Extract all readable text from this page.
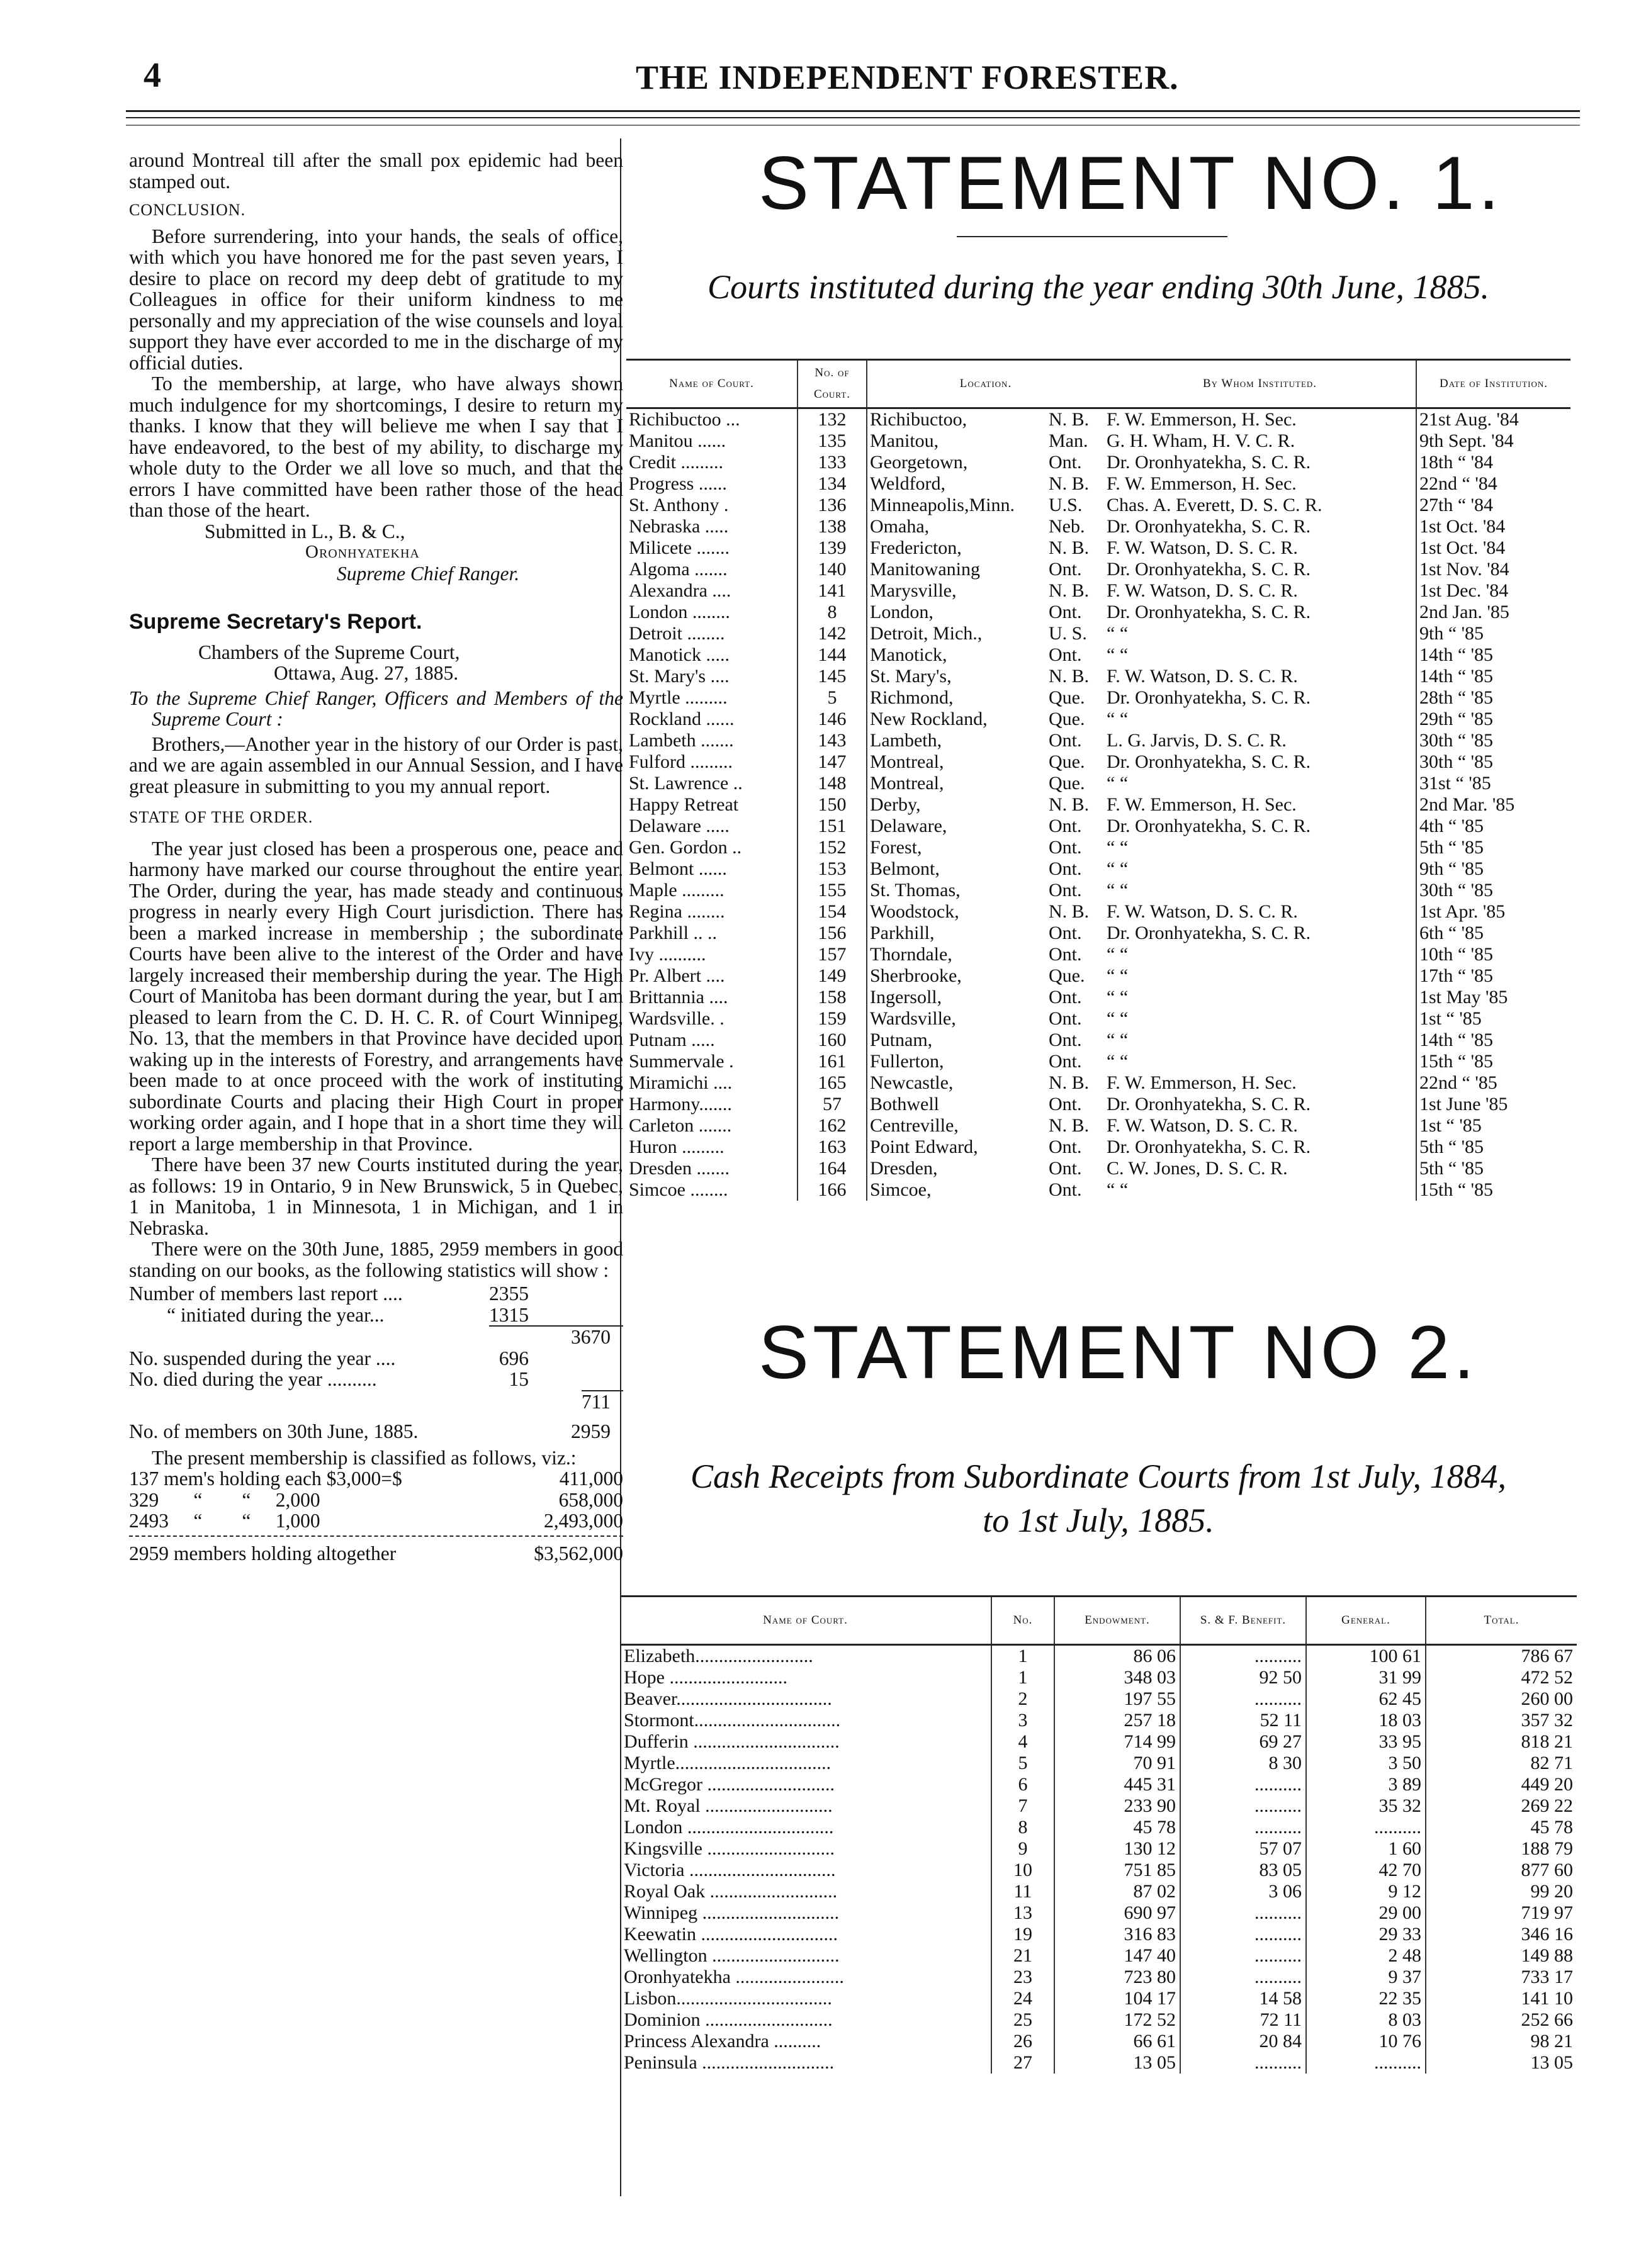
4	THE INDEPENDENT FORESTER.

around Montreal till after the small pox epidemic had been stamped out.

CONCLUSION.

Before surrendering, into your hands, the seals of office, with which you have honored me for the past seven years, I desire to place on record my deep debt of gratitude to my Colleagues in office for their uniform kindness to me personally and my appreciation of the wise counsels and loyal support they have ever accorded to me in the discharge of my official duties.

To the membership, at large, who have always shown much indulgence for my shortcomings, I desire to return my thanks. I know that they will believe me when I say that I have endeavored, to the best of my ability, to discharge my whole duty to the Order we all love so much, and that the errors I have committed have been rather those of the head than those of the heart.

Submitted in L., B. & C.,

Oronhyatekha

Supreme Chief Ranger.

Supreme Secretary's Report.

Chambers of the Supreme Court,

Ottawa, Aug. 27, 1885.

To the Supreme Chief Ranger, Officers and Members of the Supreme Court :

Brothers,—Another year in the history of our Order is past, and we are again assembled in our Annual Session, and I have great pleasure in submitting to you my annual report.

STATE OF THE ORDER.

The year just closed has been a prosperous one, peace and harmony have marked our course throughout the entire year. The Order, during the year, has made steady and continuous progress in nearly every High Court jurisdiction. There has been a marked increase in membership ; the subordinate Courts have been alive to the interest of the Order and have largely increased their membership during the year. The High Court of Manitoba has been dormant during the year, but I am pleased to learn from the C. D. H. C. R. of Court Winnipeg, No. 13, that the members in that Province have decided upon waking up in the interests of Forestry, and arrangements have been made to at once proceed with the work of instituting subordinate Courts and placing their High Court in proper working order again, and I hope that in a short time they will report a large membership in that Province.

There have been 37 new Courts instituted during the year, as follows: 19 in Ontario, 9 in New Brunswick, 5 in Quebec, 1 in Manitoba, 1 in Minnesota, 1 in Michigan, and 1 in Nebraska.

There were on the 30th June, 1885, 2959 members in good standing on our books, as the following statistics will show :

Number of members last report ....	2355
“ initiated during the year...	1315
3670
No. suspended during the year ....	696
No. died during the year ..........	15
711
No. of members on 30th June, 1885.	2959

The present membership is classified as follows, viz.:

137 mem's holding each $3,000=$	411,000
329       “        “     2,000	658,000
2493     “        “     1,000	2,493,000
2959 members holding altogether	$3,562,000
STATEMENT NO. 1.
Courts instituted during the year ending 30th June, 1885.
Name of Court.	No. of Court.	Location.		By Whom Instituted.	Date of Institution.
Richibuctoo ...	132	Richibuctoo,	N. B.	F. W. Emmerson, H. Sec.	21st Aug. '84
Manitou ......	135	Manitou,	Man.	G. H. Wham, H. V. C. R.	9th Sept. '84
Credit .........	133	Georgetown,	Ont.	Dr. Oronhyatekha, S. C. R.	18th “ '84
Progress ......	134	Weldford,	N. B.	F. W. Emmerson, H. Sec.	22nd “ '84
St. Anthony .	136	Minneapolis,Minn.	U.S.	Chas. A. Everett, D. S. C. R.	27th “ '84
Nebraska .....	138	Omaha,	Neb.	Dr. Oronhyatekha, S. C. R.	1st Oct. '84
Milicete .......	139	Fredericton,	N. B.	F. W. Watson, D. S. C. R.	1st Oct. '84
Algoma .......	140	Manitowaning	Ont.	Dr. Oronhyatekha, S. C. R.	1st Nov. '84
Alexandra ....	141	Marysville,	N. B.	F. W. Watson, D. S. C. R.	1st Dec. '84
London ........	8	London,	Ont.	Dr. Oronhyatekha, S. C. R.	2nd Jan. '85
Detroit ........	142	Detroit, Mich.,	U. S.	“ “	9th “ '85
Manotick .....	144	Manotick,	Ont.	“ “	14th “ '85
St. Mary's ....	145	St. Mary's,	N. B.	F. W. Watson, D. S. C. R.	14th “ '85
Myrtle .........	5	Richmond,	Que.	Dr. Oronhyatekha, S. C. R.	28th “ '85
Rockland ......	146	New Rockland,	Que.	“ “	29th “ '85
Lambeth .......	143	Lambeth,	Ont.	L. G. Jarvis, D. S. C. R.	30th “ '85
Fulford .........	147	Montreal,	Que.	Dr. Oronhyatekha, S. C. R.	30th “ '85
St. Lawrence ..	148	Montreal,	Que.	“ “	31st “ '85
Happy Retreat	150	Derby,	N. B.	F. W. Emmerson, H. Sec.	2nd Mar. '85
Delaware .....	151	Delaware,	Ont.	Dr. Oronhyatekha, S. C. R.	4th “ '85
Gen. Gordon ..	152	Forest,	Ont.	“ “	5th “ '85
Belmont ......	153	Belmont,	Ont.	“ “	9th “ '85
Maple .........	155	St. Thomas,	Ont.	“ “	30th “ '85
Regina ........	154	Woodstock,	N. B.	F. W. Watson, D. S. C. R.	1st Apr. '85
Parkhill .. ..	156	Parkhill,	Ont.	Dr. Oronhyatekha, S. C. R.	6th “ '85
Ivy ..........	157	Thorndale,	Ont.	“ “	10th “ '85
Pr. Albert ....	149	Sherbrooke,	Que.	“ “	17th “ '85
Brittannia ....	158	Ingersoll,	Ont.	“ “	1st May '85
Wardsville. .	159	Wardsville,	Ont.	“ “	1st “ '85
Putnam .....	160	Putnam,	Ont.	“ “	14th “ '85
Summervale .	161	Fullerton,	Ont.	“ “	15th “ '85
Miramichi ....	165	Newcastle,	N. B.	F. W. Emmerson, H. Sec.	22nd “ '85
Harmony.......	57	Bothwell	Ont.	Dr. Oronhyatekha, S. C. R.	1st June '85
Carleton .......	162	Centreville,	N. B.	F. W. Watson, D. S. C. R.	1st “ '85
Huron .........	163	Point Edward,	Ont.	Dr. Oronhyatekha, S. C. R.	5th “ '85
Dresden .......	164	Dresden,	Ont.	C. W. Jones, D. S. C. R.	5th “ '85
Simcoe ........	166	Simcoe,	Ont.	“ “	15th “ '85
STATEMENT NO 2.
Cash Receipts from Subordinate Courts from 1st July, 1884,
to 1st July, 1885.
Name of Court.	No.	Endowment.	S. & F. Benefit.	General.	Total.
Elizabeth.........................	1	86 06	..........	100 61	786 67
Hope .........................	1	348 03	92 50	31 99	472 52
Beaver.................................	2	197 55	..........	62 45	260 00
Stormont...............................	3	257 18	52 11	18 03	357 32
Dufferin ...............................	4	714 99	69 27	33 95	818 21
Myrtle.................................	5	70 91	8 30	3 50	82 71
McGregor ...........................	6	445 31	..........	3 89	449 20
Mt. Royal ...........................	7	233 90	..........	35 32	269 22
London ...............................	8	45 78	..........	..........	45 78
Kingsville ...........................	9	130 12	57 07	1 60	188 79
Victoria ...............................	10	751 85	83 05	42 70	877 60
Royal Oak ...........................	11	87 02	3 06	9 12	99 20
Winnipeg .............................	13	690 97	..........	29 00	719 97
Keewatin .............................	19	316 83	..........	29 33	346 16
Wellington ...........................	21	147 40	..........	2 48	149 88
Oronhyatekha .......................	23	723 80	..........	9 37	733 17
Lisbon.................................	24	104 17	14 58	22 35	141 10
Dominion ...........................	25	172 52	72 11	8 03	252 66
Princess Alexandra ..........	26	66 61	20 84	10 76	98 21
Peninsula ............................	27	13 05	..........	..........	13 05
